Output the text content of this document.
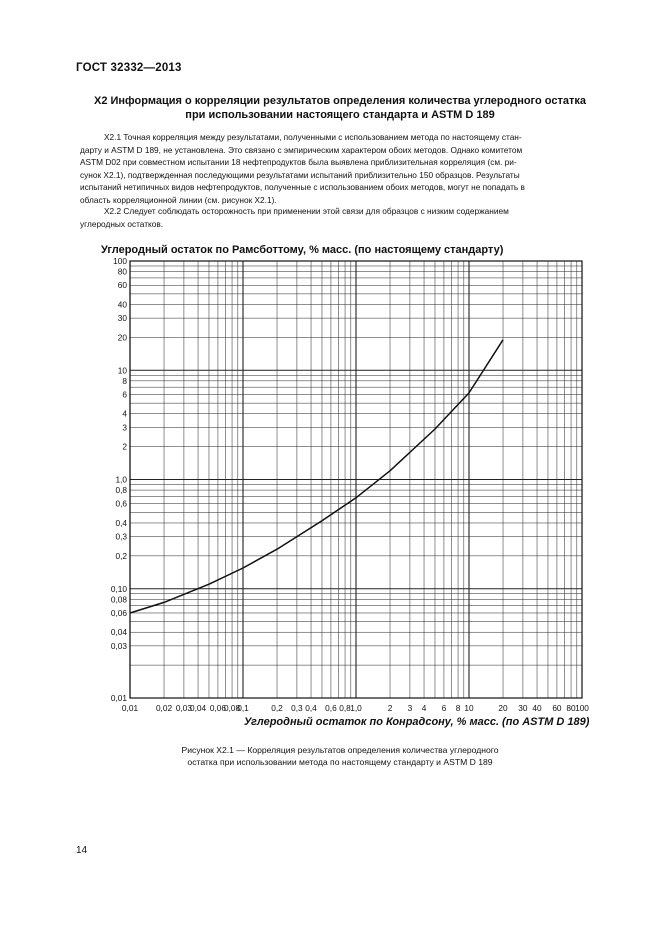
ГОСТ 32332—2013
X2 Информация о корреляции результатов определения количества углеродного остатка
при использовании настоящего стандарта и ASTM D 189
X2.1 Точная корреляция между результатами, полученными с использованием метода по настоящему стан-
дарту и ASTM D 189, не установлена. Это связано с эмпирическим характером обоих методов. Однако комитетом
ASTM D02 при совместном испытании 18 нефтепродуктов была выявлена приблизительная корреляция (см. ри-
сунок X2.1), подтвержденная последующими результатами испытаний приблизительно 150 образцов. Результаты
испытаний нетипичных видов нефтепродуктов, полученные с использованием обоих методов, могут не попадать в
область корреляционной линии (см. рисунок X2.1).
X2.2 Следует соблюдать осторожность при применении этой связи для образцов с низким содержанием
углеродных остатков.
Углеродный остаток по Рамсботтому, % масс. (по настоящему стандарту)
0,01
0,03
0,04
0,06
0,08
0,10
0,2
0,3
0,4
0,6
0,8
1,0
2
3
4
6
8
10
20
30
40
60
80
100
0,01 0,02 0,03
0,04 0,06
0,08
0,1	0,2 0,3 0,4 0,6 0,8 1,0	2 3 4 6 8 10	20 30 40 60 80 100
Углеродный остаток по Конрадсону, % масс. (по ASTM D 189)
Рисунок X2.1 — Корреляция результатов определения количества углеродного
остатка при использовании метода по настоящему стандарту и ASTM D 189
14
